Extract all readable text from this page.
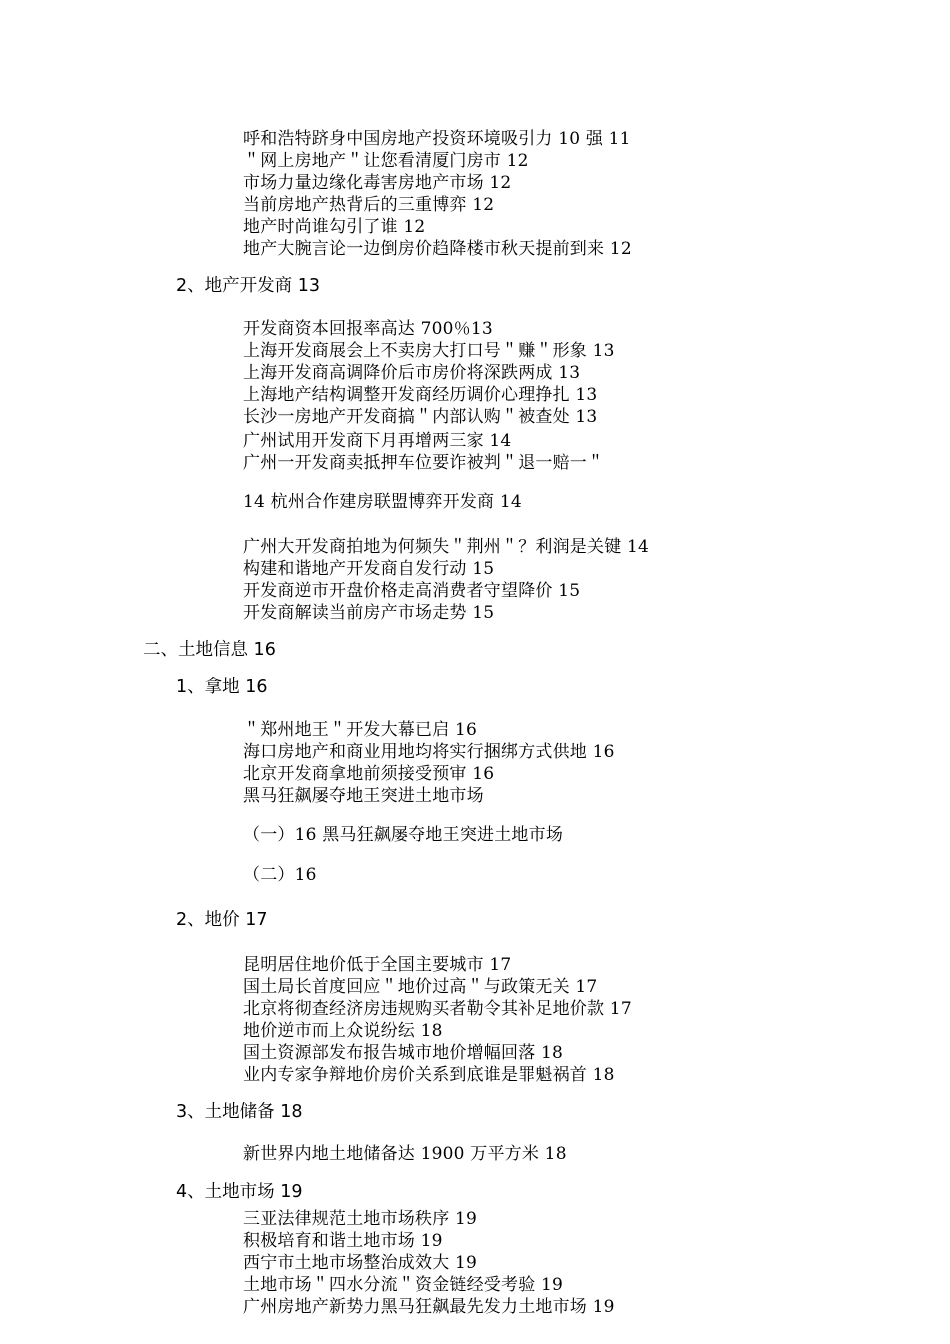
呼和浩特跻身中国房地产投资环境吸引力 10 强 11
＂网上房地产＂让您看清厦门房市 12
市场力量边缘化毒害房地产市场 12
当前房地产热背后的三重博弈 12
地产时尚谁勾引了谁 12
地产大腕言论一边倒房价趋降楼市秋天提前到来 12
2、地产开发商 13
开发商资本回报率高达 700％13
上海开发商展会上不卖房大打口号＂赚＂形象 13
上海开发商高调降价后市房价将深跌两成 13
上海地产结构调整开发商经历调价心理挣扎 13
长沙一房地产开发商搞＂内部认购＂被查处 13
广州试用开发商下月再增两三家 14
广州一开发商卖抵押车位要诈被判＂退一赔一＂
14 杭州合作建房联盟博弈开发商 14
广州大开发商拍地为何频失＂荆州＂？利润是关键 14
构建和谐地产开发商自发行动 15
开发商逆市开盘价格走高消费者守望降价 15
开发商解读当前房产市场走势 15
二、土地信息 16
1、拿地 16
＂郑州地王＂开发大幕已启 16
海口房地产和商业用地均将实行捆绑方式供地 16
北京开发商拿地前须接受预审 16
黑马狂飙屡夺地王突进土地市场
（一）16 黑马狂飙屡夺地王突进土地市场
（二）16
2、地价 17
昆明居住地价低于全国主要城市 17
国土局长首度回应＂地价过高＂与政策无关 17
北京将彻查经济房违规购买者勒令其补足地价款 17
地价逆市而上众说纷纭 18
国土资源部发布报告城市地价增幅回落 18
业内专家争辩地价房价关系到底谁是罪魁祸首 18
3、土地储备 18
新世界内地土地储备达 1900 万平方米 18
4、土地市场 19
三亚法律规范土地市场秩序 19
积极培育和谐土地市场 19
西宁市土地市场整治成效大 19
土地市场＂四水分流＂资金链经受考验 19
广州房地产新势力黑马狂飙最先发力土地市场 19
